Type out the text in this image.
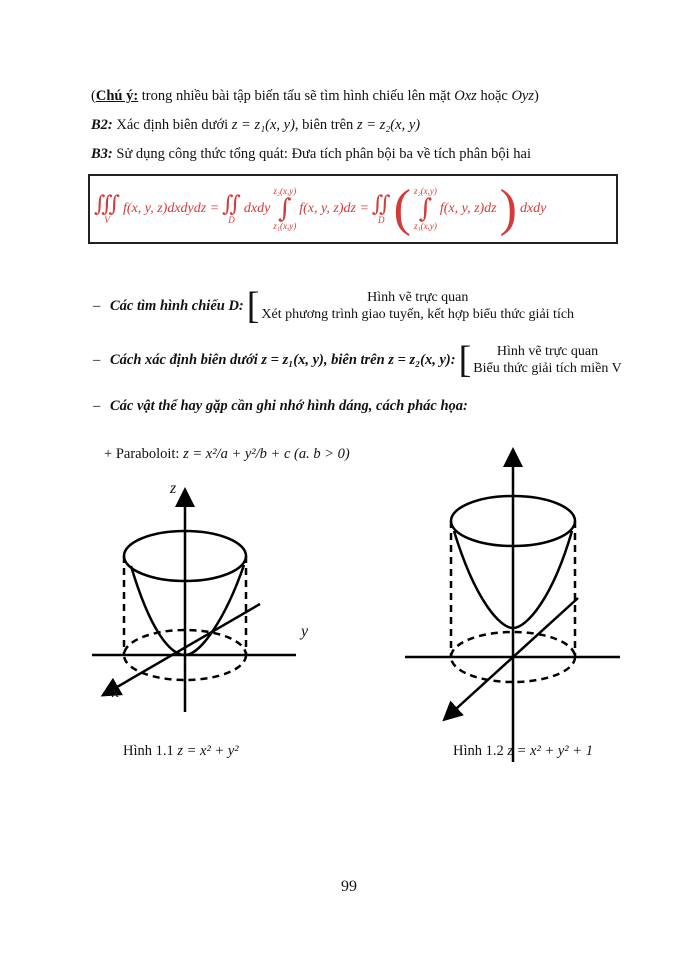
(Chú ý: trong nhiều bài tập biến tấu sẽ tìm hình chiếu lên mặt Oxz hoặc Oyz)
B2: Xác định biên dưới z = z₁(x, y), biên trên z = z₂(x, y)
B3: Sử dụng công thức tổng quát: Đưa tích phân bội ba về tích phân bội hai
∭
V
f(x, y, z)dxdydz = ∬
D
dxdy
z₂(x,y)
∫
z₁(x,y)
f(x, y, z)dz = ∬
D ( z₂(x,y)
∫
z₁(x,y)
f(x, y, z)dz ) dxdy
– Các tìm hình chiếu D: [	Hình vẽ trực quan
Xét phương trình giao tuyến, kết hợp biểu thức giải tích
– Cách xác định biên dưới z = z₁(x, y), biên trên z = z₂(x, y): [	Hình vẽ trực quan
Biểu thức giải tích miền V
– Các vật thể hay gặp cần ghi nhớ hình dáng, cách phác họa:
+ Paraboloit: z = x²/a + y²/b + c (a. b > 0)
z
y
x
Hình 1.1 z = x² + y²	Hình 1.2 z = x² + y² + 1
99
